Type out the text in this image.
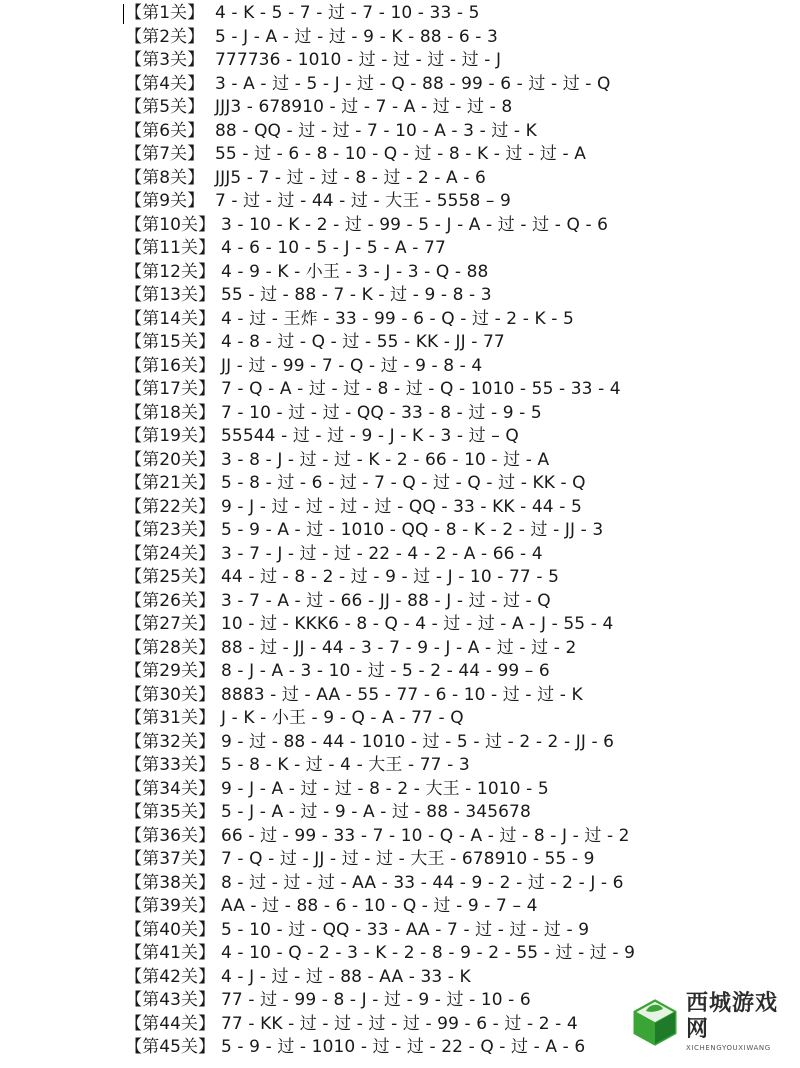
【第1关】 4 - K - 5 - 7 - 过 - 7 - 10 - 33 - 5
【第2关】 5 - J - A - 过 - 过 - 9 - K - 88 - 6 - 3
【第3关】 777736 - 1010 - 过 - 过 - 过 - 过 - J
【第4关】 3 - A - 过 - 5 - J - 过 - Q - 88 - 99 - 6 - 过 - 过 - Q
【第5关】 JJJ3 - 678910 - 过 - 7 - A - 过 - 过 - 8
【第6关】 88 - QQ - 过 - 过 - 7 - 10 - A - 3 - 过 - K
【第7关】 55 - 过 - 6 - 8 - 10 - Q - 过 - 8 - K - 过 - 过 - A
【第8关】 JJJ5 - 7 - 过 - 过 - 8 - 过 - 2 - A - 6
【第9关】 7 - 过 - 过 - 44 - 过 - 大王 - 5558 – 9
【第10关】 3 - 10 - K - 2 - 过 - 99 - 5 - J - A - 过 - 过 - Q - 6
【第11关】 4 - 6 - 10 - 5 - J - 5 - A - 77
【第12关】 4 - 9 - K - 小王 - 3 - J - 3 - Q - 88
【第13关】 55 - 过 - 88 - 7 - K - 过 - 9 - 8 - 3
【第14关】 4 - 过 - 王炸 - 33 - 99 - 6 - Q - 过 - 2 - K - 5
【第15关】 4 - 8 - 过 - Q - 过 - 55 - KK - JJ - 77
【第16关】 JJ - 过 - 99 - 7 - Q - 过 - 9 - 8 - 4
【第17关】 7 - Q - A - 过 - 过 - 8 - 过 - Q - 1010 - 55 - 33 - 4
【第18关】 7 - 10 - 过 - 过 - QQ - 33 - 8 - 过 - 9 - 5
【第19关】 55544 - 过 - 过 - 9 - J - K - 3 - 过 – Q
【第20关】 3 - 8 - J - 过 - 过 - K - 2 - 66 - 10 - 过 - A
【第21关】 5 - 8 - 过 - 6 - 过 - 7 - Q - 过 - Q - 过 - KK - Q
【第22关】 9 - J - 过 - 过 - 过 - 过 - QQ - 33 - KK - 44 - 5
【第23关】 5 - 9 - A - 过 - 1010 - QQ - 8 - K - 2 - 过 - JJ - 3
【第24关】 3 - 7 - J - 过 - 过 - 22 - 4 - 2 - A - 66 - 4
【第25关】 44 - 过 - 8 - 2 - 过 - 9 - 过 - J - 10 - 77 - 5
【第26关】 3 - 7 - A - 过 - 66 - JJ - 88 - J - 过 - 过 - Q
【第27关】 10 - 过 - KKK6 - 8 - Q - 4 - 过 - 过 - A - J - 55 - 4
【第28关】 88 - 过 - JJ - 44 - 3 - 7 - 9 - J - A - 过 - 过 - 2
【第29关】 8 - J - A - 3 - 10 - 过 - 5 - 2 - 44 - 99 – 6
【第30关】 8883 - 过 - AA - 55 - 77 - 6 - 10 - 过 - 过 - K
【第31关】 J - K - 小王 - 9 - Q - A - 77 - Q
【第32关】 9 - 过 - 88 - 44 - 1010 - 过 - 5 - 过 - 2 - 2 - JJ - 6
【第33关】 5 - 8 - K - 过 - 4 - 大王 - 77 - 3
【第34关】 9 - J - A - 过 - 过 - 8 - 2 - 大王 - 1010 - 5
【第35关】 5 - J - A - 过 - 9 - A - 过 - 88 - 345678
【第36关】 66 - 过 - 99 - 33 - 7 - 10 - Q - A - 过 - 8 - J - 过 - 2
【第37关】 7 - Q - 过 - JJ - 过 - 过 - 大王 - 678910 - 55 - 9
【第38关】 8 - 过 - 过 - 过 - AA - 33 - 44 - 9 - 2 - 过 - 2 - J - 6
【第39关】 AA - 过 - 88 - 6 - 10 - Q - 过 - 9 - 7 – 4
【第40关】 5 - 10 - 过 - QQ - 33 - AA - 7 - 过 - 过 - 过 - 9
【第41关】 4 - 10 - Q - 2 - 3 - K - 2 - 8 - 9 - 2 - 55 - 过 - 过 - 9
【第42关】 4 - J - 过 - 过 - 88 - AA - 33 - K
【第43关】 77 - 过 - 99 - 8 - J - 过 - 9 - 过 - 10 - 6
【第44关】 77 - KK - 过 - 过 - 过 - 过 - 99 - 6 - 过 - 2 - 4
【第45关】 5 - 9 - 过 - 1010 - 过 - 过 - 22 - Q - 过 - A - 6
西城游戏网
XICHENGYOUXIWANG
